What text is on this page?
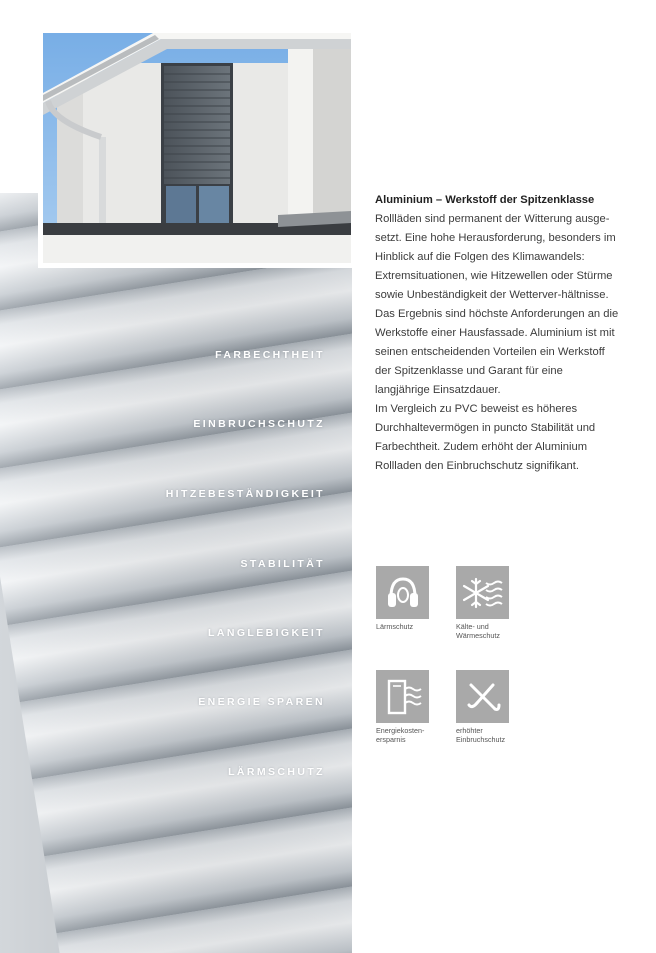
FARBECHTHEIT
EINBRUCHSCHUTZ
HITZEBESTÄNDIGKEIT
STABILITÄT
LANGLEBIGKEIT
ENERGIE SPAREN
LÄRMSCHUTZ
Aluminium – Werkstoff der Spitzenklasse

Rollläden sind permanent der Witterung ausge-setzt. Eine hohe Herausforderung, besonders im Hinblick auf die Folgen des Klimawandels: Extremsituationen, wie Hitzewellen oder Stürme sowie Unbeständigkeit der Wetterver-hältnisse.

Das Ergebnis sind höchste Anforderungen an die Werkstoffe einer Hausfassade. Aluminium ist mit seinen entscheidenden Vorteilen ein Werkstoff der Spitzenklasse und Garant für eine langjährige Einsatzdauer.

Im Vergleich zu PVC beweist es höheres Durchhaltevermögen in puncto Stabilität und Farbechtheit. Zudem erhöht der Aluminium Rollladen den Einbruchschutz signifikant.

Lärmschutz	Kälte- und
Wärmeschutz
Energiekosten-
ersparnis
erhöhter
Einbruchschutz
